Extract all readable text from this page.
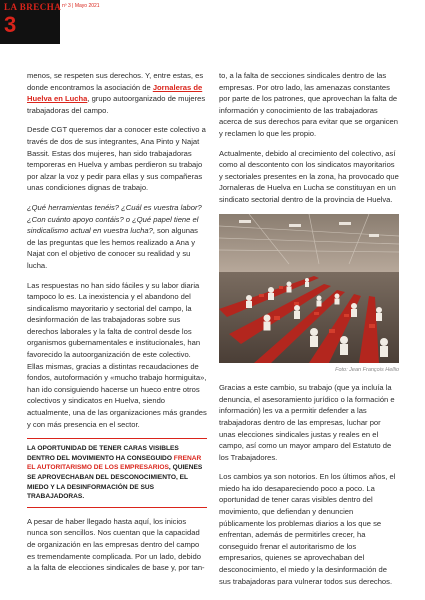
LA BRECHA
3
nº 3 | Mayo 2021

menos, se respeten sus derechos. Y, entre estas, es donde encontramos la asociación de Jornaleras de Huelva en Lucha, grupo autoorganizado de mujeres trabajadoras del campo.

Desde CGT queremos dar a conocer este colectivo a través de dos de sus integrantes, Ana Pinto y Najat Bassit. Estas dos mujeres, han sido trabajadoras temporeras en Huelva y ambas perdieron su trabajo por alzar la voz y pedir para ellas y sus compañeras unas condiciones dignas de trabajo.

¿Qué herramientas tenéis? ¿Cuál es vuestra labor? ¿Con cuánto apoyo contáis? o ¿Qué papel tiene el sindicalismo actual en vuestra lucha?, son algunas de las preguntas que les hemos realizado a Ana y Najat con el objetivo de conocer su realidad y su lucha.

Las respuestas no han sido fáciles y su labor diaria tampoco lo es. La inexistencia y el abandono del sindicalismo mayoritario y sectorial del campo, la desinformación de las trabajadoras sobre sus derechos laborales y la falta de control desde los organismos gubernamentales e institucionales, han favorecido la autoorganización de este colectivo. Ellas mismas, gracias a distintas recaudaciones de fondos, autoformación y «mucho trabajo hormiguita», han ido consiguiendo hacerse un hueco entre otros colectivos y sindicatos en Huelva, siendo actualmente, una de las organizaciones más grandes y con más presencia en el sector.

LA OPORTUNIDAD DE TENER CARAS VISIBLES DENTRO DEL MOVIMIENTO HA CONSEGUIDO FRENAR EL AUTORITARISMO DE LOS EMPRESARIOS, QUIENES SE APROVECHABAN DEL DESCONOCIMIENTO, EL MIEDO Y LA DESINFORMACIÓN DE SUS TRABAJADORAS.

A pesar de haber llegado hasta aquí, los inicios nunca son sencillos. Nos cuentan que la capacidad de organización en las empresas dentro del campo es tremendamente complicada. Por un lado, debido a la falta de elecciones sindicales de base y, por tan-

to, a la falta de secciones sindicales dentro de las empresas. Por otro lado, las amenazas constantes por parte de los patrones, que aprovechan la falta de información y conocimiento de las trabajadoras acerca de sus derechos para evitar que se organicen y reclamen lo que les propio.

Actualmente, debido al crecimiento del colectivo, así como al descontento con los sindicatos mayoritarios y sectoriales presentes en la zona, ha provocado que Jornaleras de Huelva en Lucha se constituyan en un sindicato sectorial dentro de la provincia de Huelva.

Foto: Jean François Hellio

Gracias a este cambio, su trabajo (que ya incluía la denuncia, el asesoramiento jurídico o la formación e información) les va a permitir defender a las trabajadoras dentro de las empresas, luchar por unas elecciones sindicales justas y reales en el campo, así como un mayor amparo del Estatuto de los Trabajadores.

Los cambios ya son notorios. En los últimos años, el miedo ha ido desapareciendo poco a poco. La oportunidad de tener caras visibles dentro del movimiento, que defiendan y denuncien públicamente los problemas diarios a los que se enfrentan, además de permitirles crecer, ha conseguido frenar el autoritarismo de los empresarios, quienes se aprovechaban del desconocimiento, el miedo y la desinformación de sus trabajadoras para vulnerar todos sus derechos.
